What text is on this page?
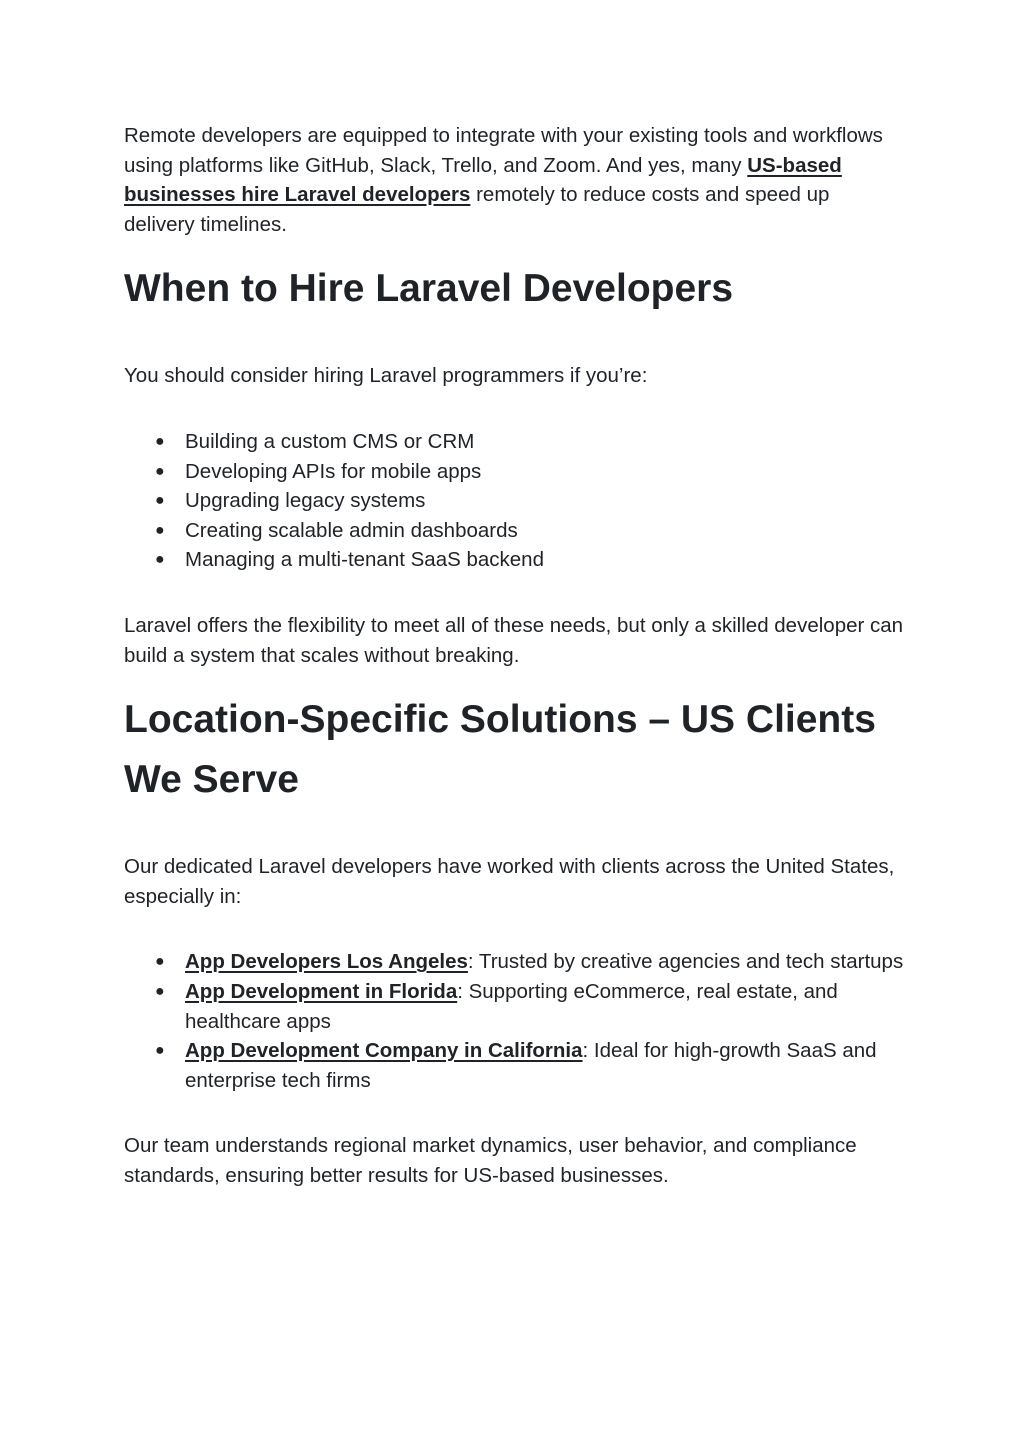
Remote developers are equipped to integrate with your existing tools and workflows using platforms like GitHub, Slack, Trello, and Zoom. And yes, many US-based businesses hire Laravel developers remotely to reduce costs and speed up delivery timelines.

When to Hire Laravel Developers

You should consider hiring Laravel programmers if you’re:

● Building a custom CMS or CRM
● Developing APIs for mobile apps
● Upgrading legacy systems
● Creating scalable admin dashboards
● Managing a multi-tenant SaaS backend

Laravel offers the flexibility to meet all of these needs, but only a skilled developer can build a system that scales without breaking.

Location-Specific Solutions – US Clients We Serve

Our dedicated Laravel developers have worked with clients across the United States, especially in:

● App Developers Los Angeles: Trusted by creative agencies and tech startups
● App Development in Florida: Supporting eCommerce, real estate, and healthcare apps
● App Development Company in California: Ideal for high-growth SaaS and enterprise tech firms

Our team understands regional market dynamics, user behavior, and compliance standards, ensuring better results for US-based businesses.
